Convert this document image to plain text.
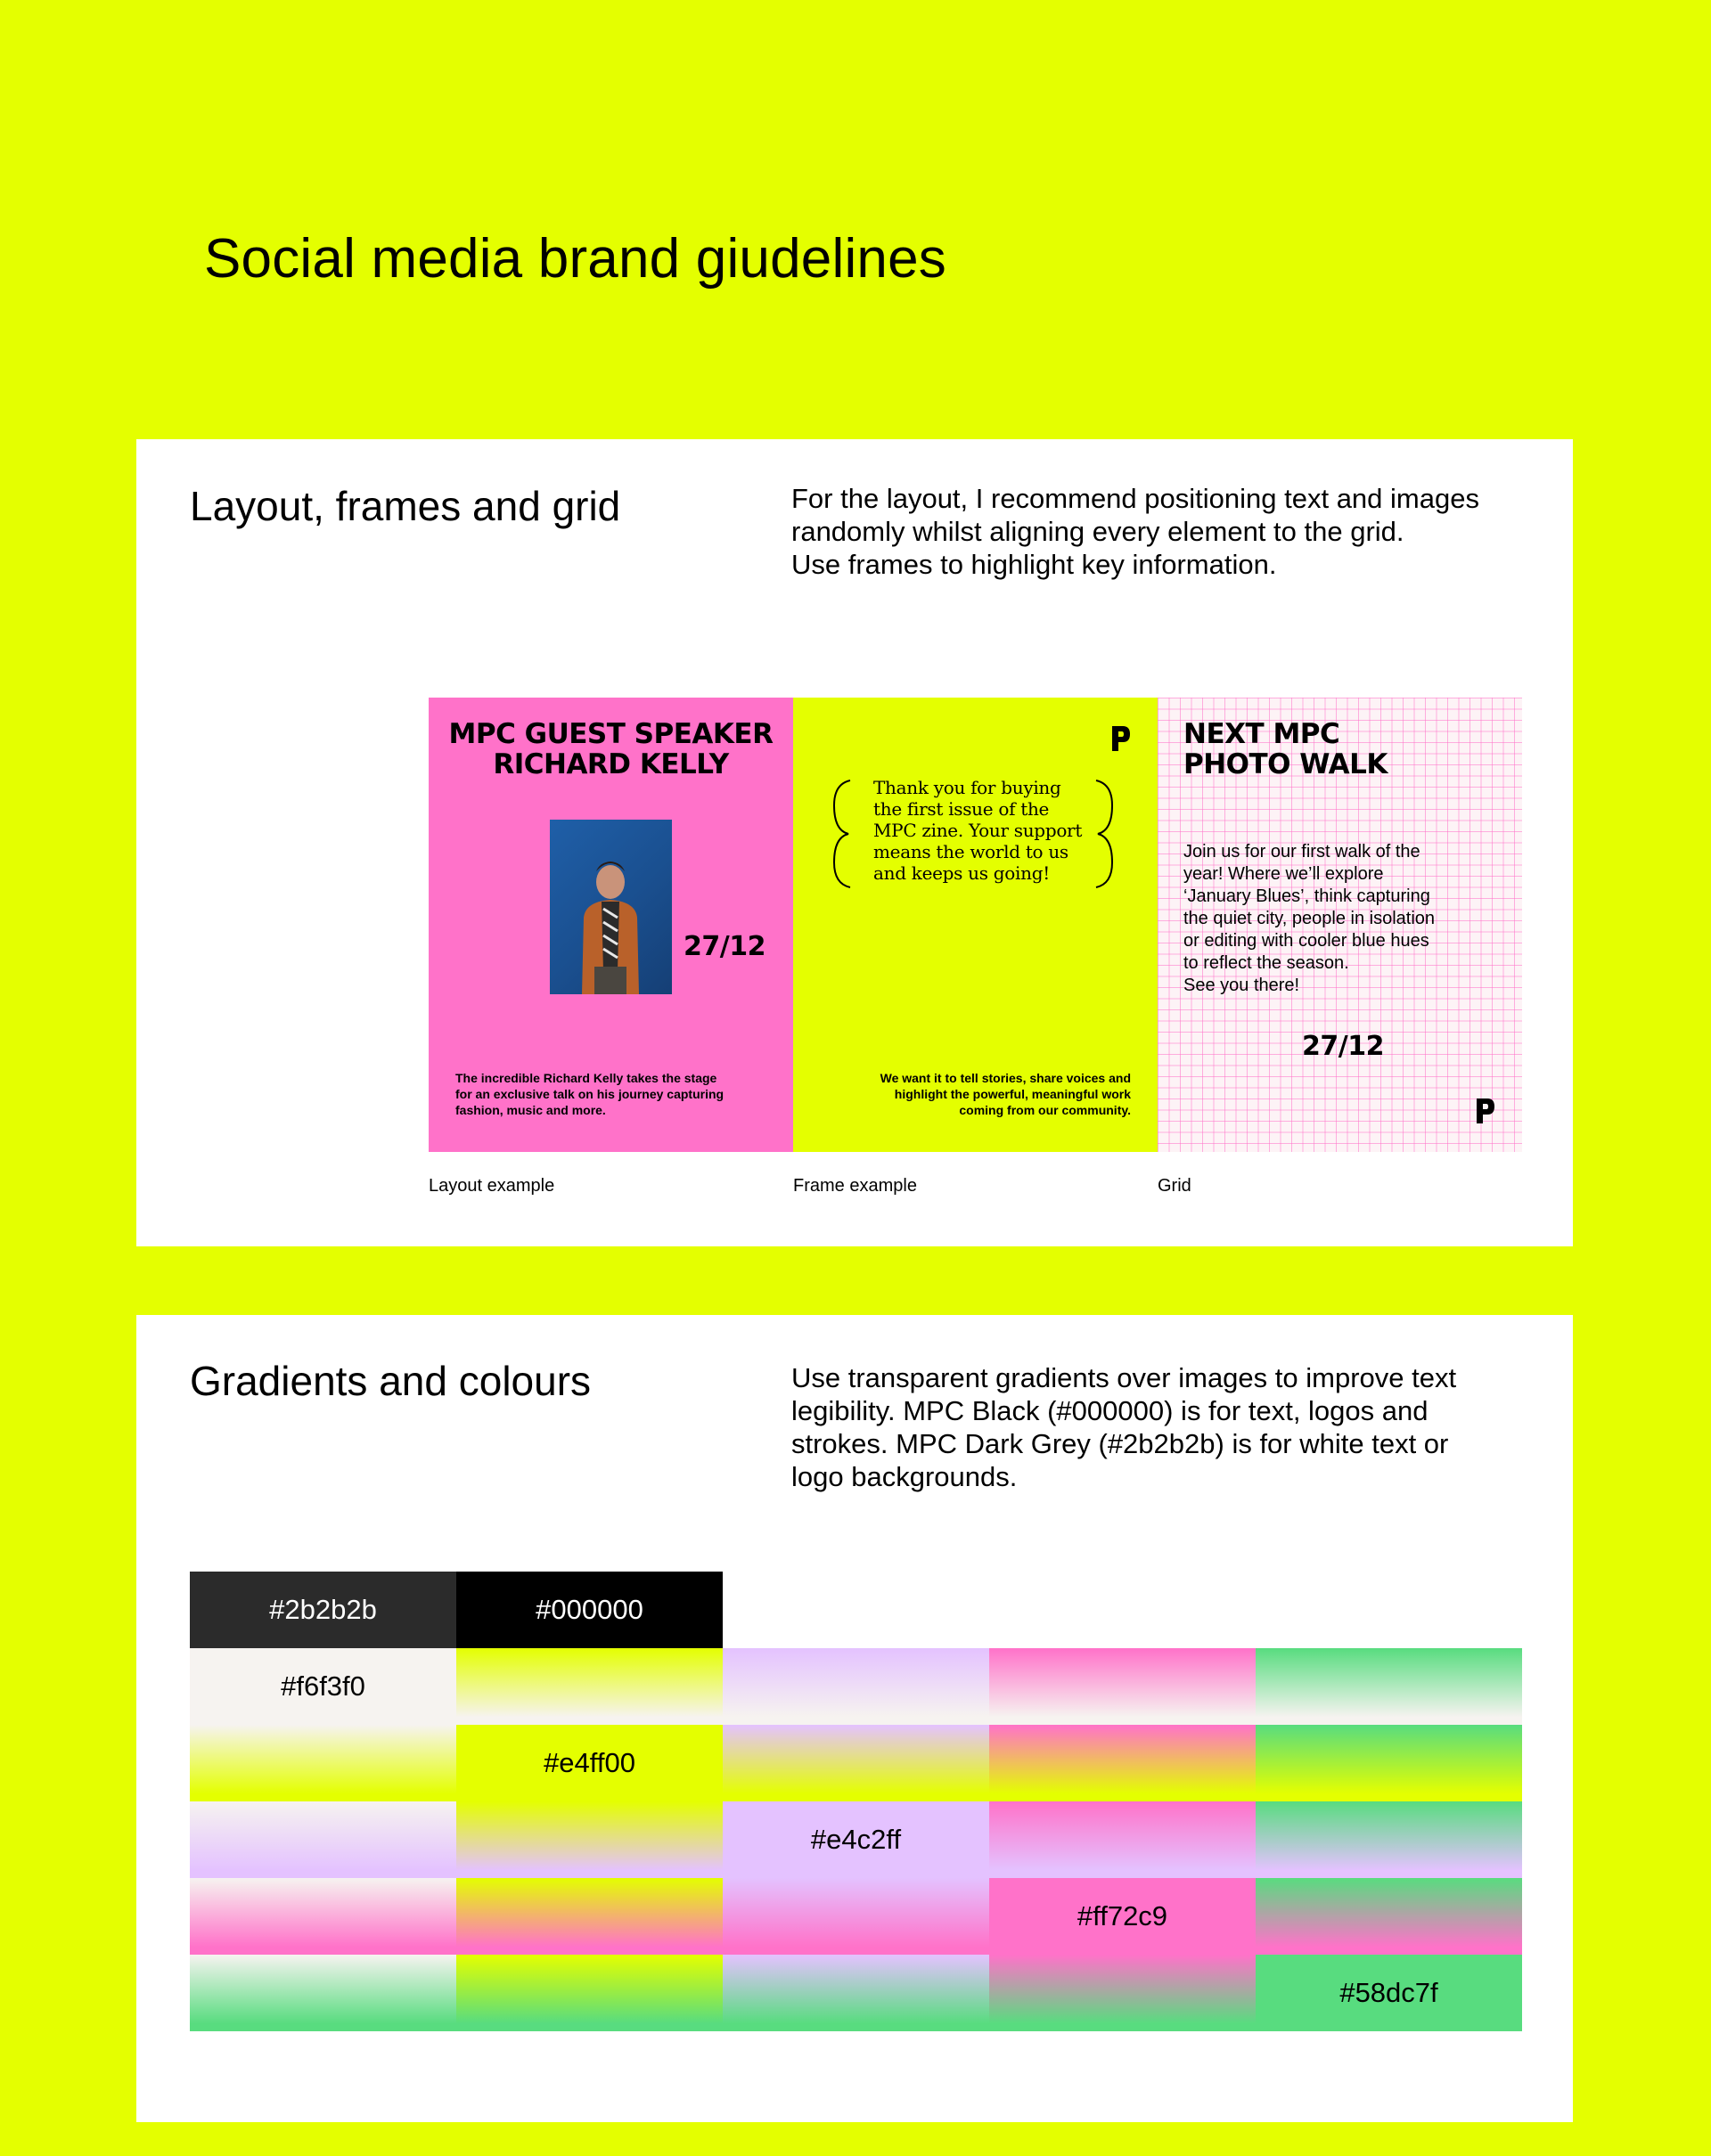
Social media brand giudelines
Layout, frames and grid	For the layout, I recommend positioning text and images
randomly whilst aligning every element to the grid.
Use frames to highlight key information.

MPC GUEST SPEAKER
RICHARD KELLY

27/12

The incredible Richard Kelly takes the stage
for an exclusive talk on his journey capturing
fashion, music and more.

Thank you for buying
the first issue of the
MPC zine. Your support
means the world to us
and keeps us going!

We want it to tell stories, share voices and
highlight the powerful, meaningful work
coming from our community.

NEXT MPC
PHOTO WALK

Join us for our first walk of the
year! Where we’ll explore
‘January Blues’, think capturing
the quiet city, people in isolation
or editing with cooler blue hues
to reflect the season.
See you there!

27/12

Layout example	Frame example	Grid

Gradients and colours	Use transparent gradients over images to improve text
legibility. MPC Black (#000000) is for text, logos and
strokes. MPC Dark Grey (#2b2b2b) is for white text or
logo backgrounds.

#2b2b2b	#000000
#f6f3f0
#e4ff00
#e4c2ff
#ff72c9
#58dc7f
